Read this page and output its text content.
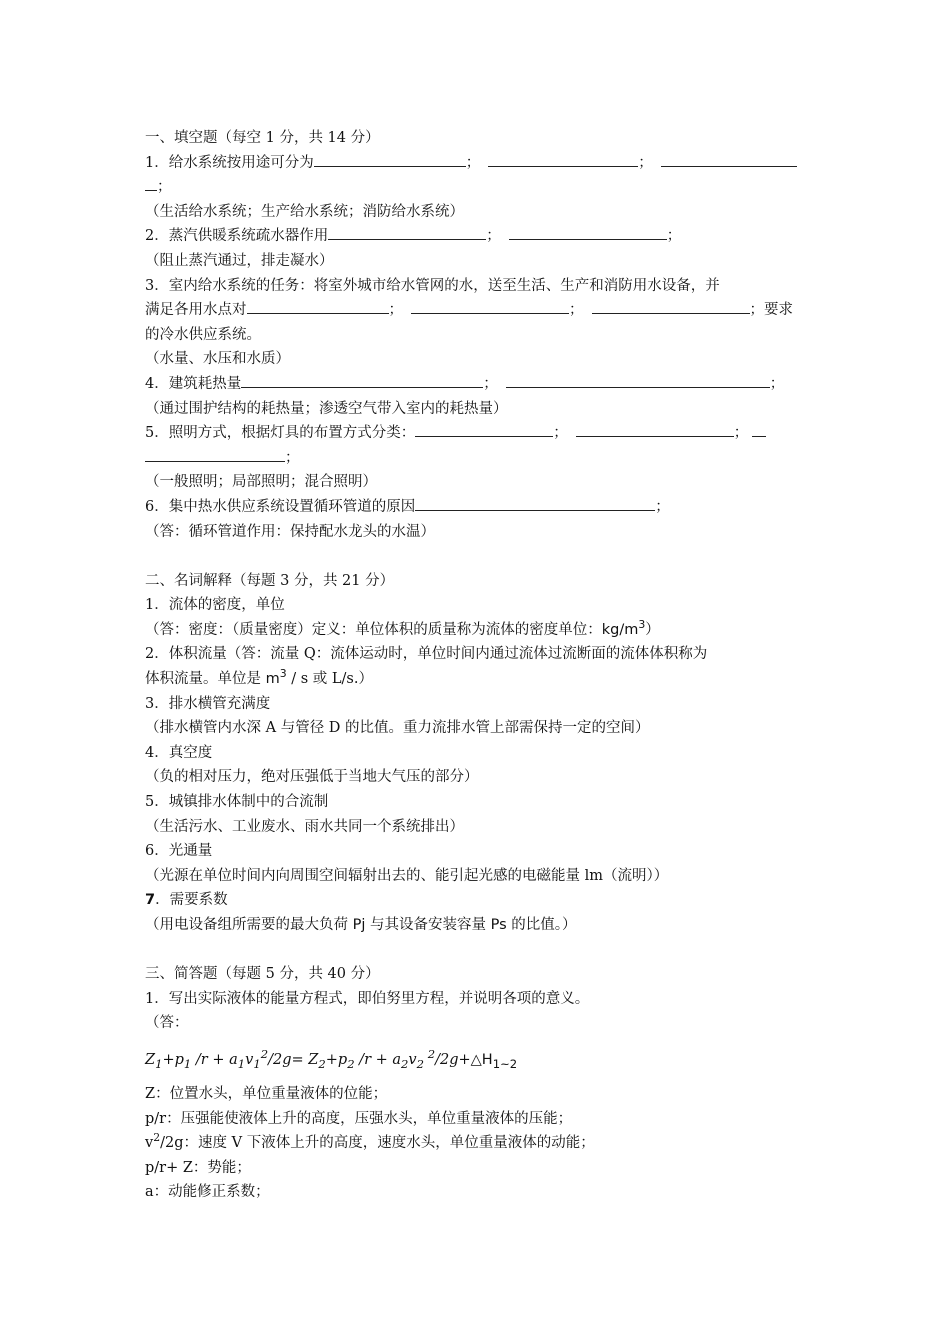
一、填空题（每空 1 分，共 14 分）
1．给水系统按用途可分为	；	；
；
（生活给水系统；生产给水系统；消防给水系统）
2．蒸汽供暖系统疏水器作用	；	；
（阻止蒸汽通过，排走凝水）
3．室内给水系统的任务：将室外城市给水管网的水，送至生活、生产和消防用水设备，并
满足各用水点对	；	；	；要求
的冷水供应系统。
（水量、水压和水质）
4．建筑耗热量	；	；
（通过围护结构的耗热量；渗透空气带入室内的耗热量）
5．照明方式，根据灯具的布置方式分类：	；	；
；
（一般照明；局部照明；混合照明）
6．集中热水供应系统设置循环管道的原因	；
（答：循环管道作用：保持配水龙头的水温）
二、名词解释（每题 3 分，共 21 分）
1．流体的密度，单位
（答：密度：（质量密度）定义：单位体积的质量称为流体的密度单位：$kg/m^3$）
2．体积流量（答：流量 Q：流体运动时，单位时间内通过流体过流断面的流体体积称为
体积流量。单位是 $m^3$ / s 或 L/s.）
3．排水横管充满度
（排水横管内水深 A 与管径 D 的比值。重力流排水管上部需保持一定的空间）
4．真空度
（负的相对压力，绝对压强低于当地大气压的部分）
5．城镇排水体制中的合流制
（生活污水、工业废水、雨水共同一个系统排出）
6．光通量
（光源在单位时间内向周围空间辐射出去的、能引起光感的电磁能量 lm（流明））
7．需要系数
（用电设备组所需要的最大负荷 Pj 与其设备安装容量 Ps 的比值。）
三、简答题（每题 5 分，共 40 分）
1．写出实际液体的能量方程式，即伯努里方程，并说明各项的意义。
（答：
$Z_1+p_1$ $/r + a_1v_1^2/2g= Z_2+p_2$ $/r + a_2v_2$ $^2/2g+\triangle H_{1\sim 2}$
Z：位置水头，单位重量液体的位能；
p/r：压强能使液体上升的高度，压强水头，单位重量液体的压能；
$v^2/2g$：速度 V 下液体上升的高度，速度水头，单位重量液体的动能；
p/r+ Z：势能；
a：动能修正系数；
